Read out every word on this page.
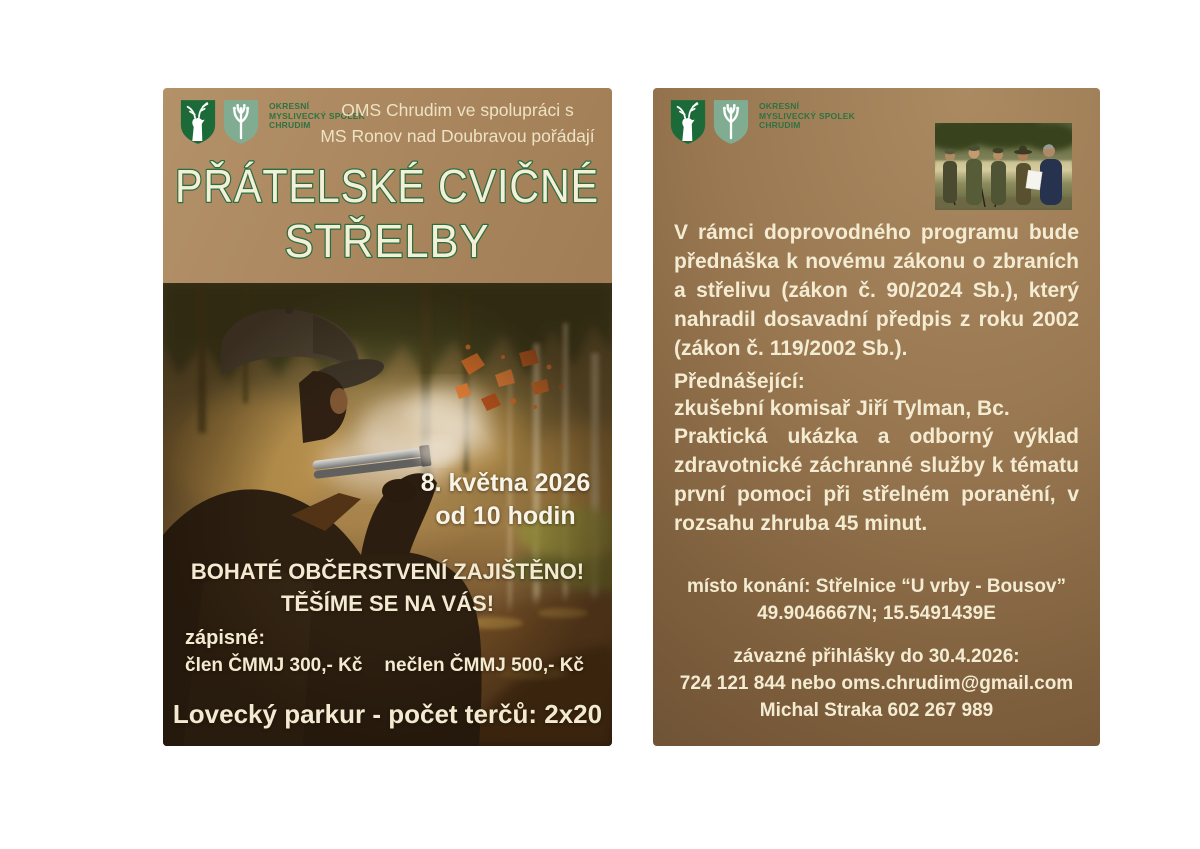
OKRESNÍ
MYSLIVECKÝ SPOLEK
CHRUDIM
OMS Chrudim ve spolupráci s
MS Ronov nad Doubravou pořádají
PŘÁTELSKÉ CVIČNÉ
STŘELBY
8. května 2026
od 10 hodin
BOHATÉ OBČERSTVENÍ ZAJIŠTĚNO!
TĚŠÍME SE NA VÁS!
zápisné:
člen ČMMJ 300,- Kč nečlen ČMMJ 500,- Kč
Lovecký parkur - počet terčů: 2x20
OKRESNÍ
MYSLIVECKÝ SPOLEK
CHRUDIM

V rámci doprovodného programu bude přednáška k novému zákonu o zbraních a střelivu (zákon č. 90/2024 Sb.), který nahradil dosavadní předpis z roku 2002 (zákon č. 119/2002 Sb.).

Přednášející:
zkušební komisař Jiří Tylman, Bc.

Praktická ukázka a odborný výklad zdravotnické záchranné služby k tématu první pomoci při střelném poranění, v rozsahu zhruba 45 minut.

místo konání: Střelnice “U vrby - Bousov”
49.9046667N; 15.5491439E
závazné přihlášky do 30.4.2026:
724 121 844 nebo oms.chrudim@gmail.com
Michal Straka 602 267 989
